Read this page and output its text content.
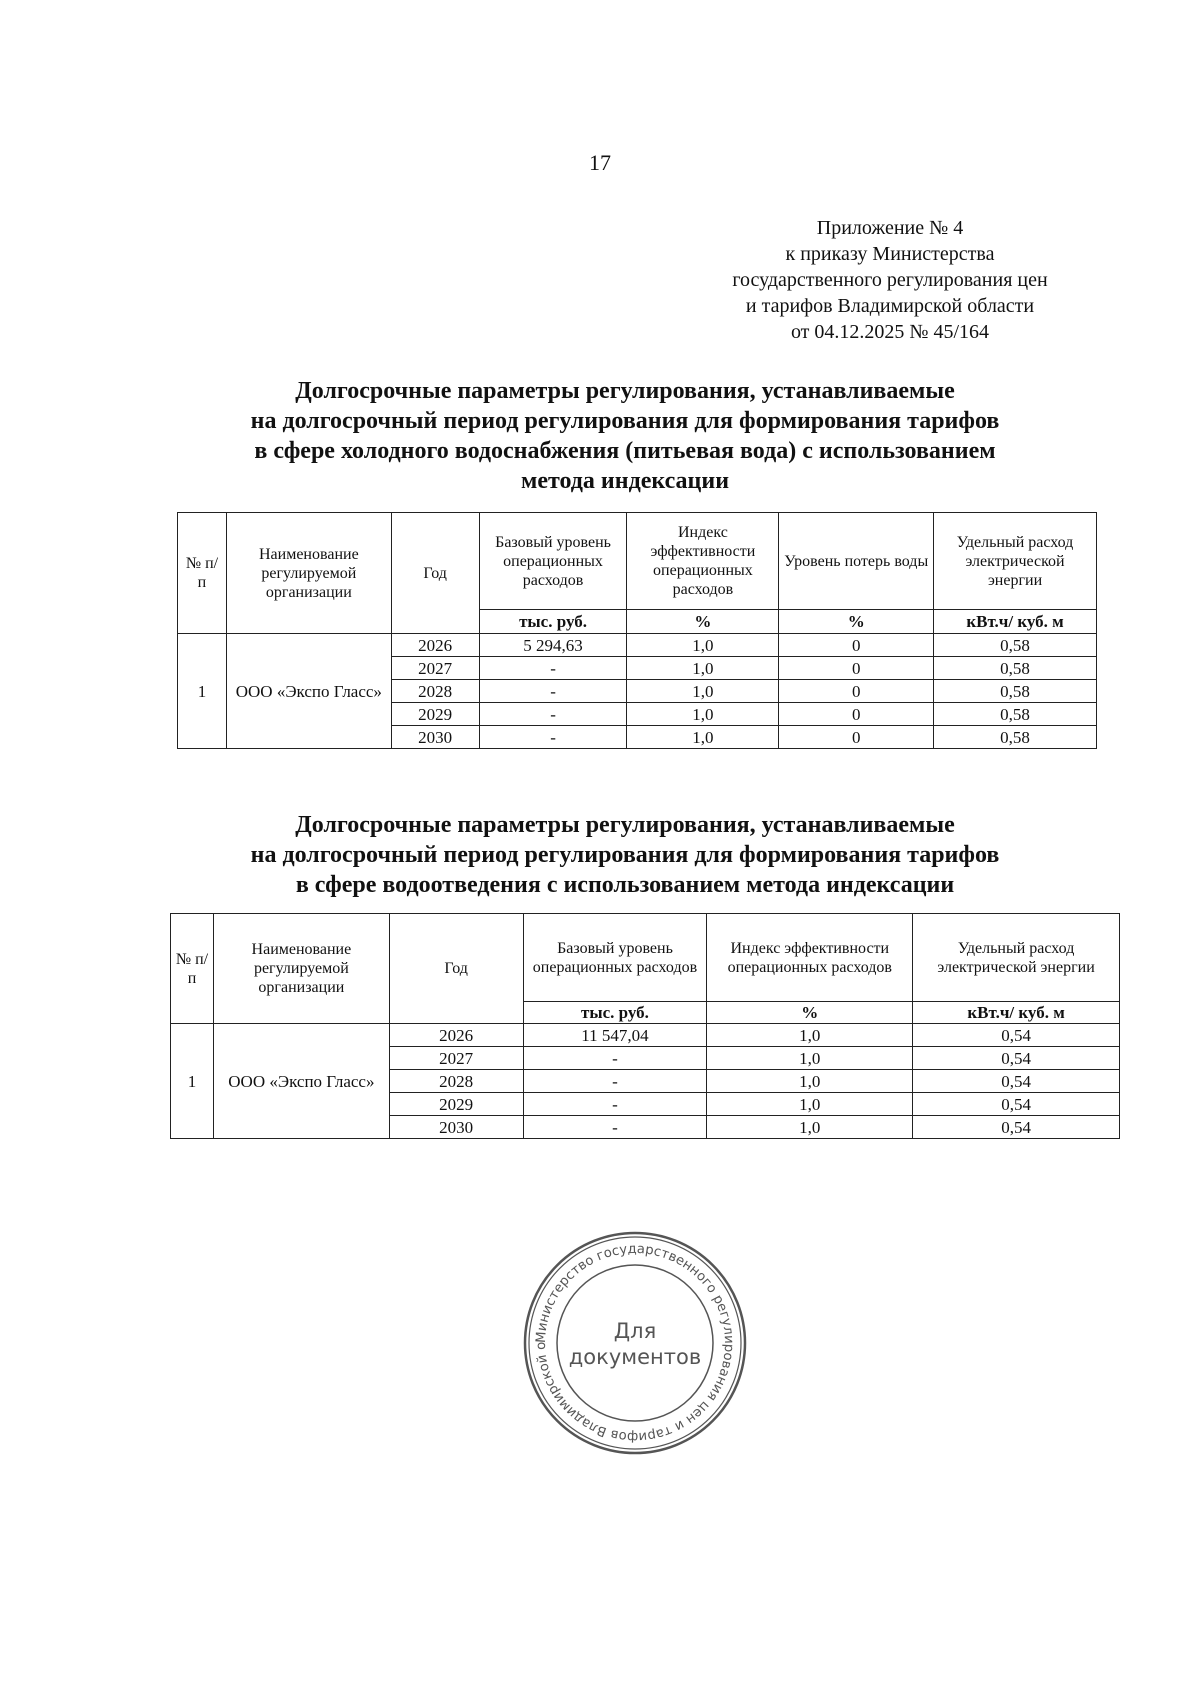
17
Приложение № 4
к приказу Министерства
государственного регулирования цен
и тарифов Владимирской области
от 04.12.2025 № 45/164
Долгосрочные параметры регулирования, устанавливаемые
на долгосрочный период регулирования для формирования тарифов
в сфере холодного водоснабжения (питьевая вода) с использованием
метода индексации
№ п/п	Наименование регулируемой организации	Год	Базовый уровень операционных расходов	Индекс эффективности операционных расходов	Уровень потерь воды	Удельный расход электрической энергии
			тыс. руб.	%	%	кВт.ч/ куб. м
1	ООО «Экспо Гласс»	2026	5 294,63	1,0	0	0,58
		2027	-	1,0	0	0,58
		2028	-	1,0	0	0,58
		2029	-	1,0	0	0,58
		2030	-	1,0	0	0,58
Долгосрочные параметры регулирования, устанавливаемые
на долгосрочный период регулирования для формирования тарифов
в сфере водоотведения с использованием метода индексации
№ п/ п	Наименование регулируемой организации	Год	Базовый уровень операционных расходов	Индекс эффективности операционных расходов	Удельный расход электрической энергии
			тыс. руб.	%	кВт.ч/ куб. м
1	ООО «Экспо Гласс»	2026	11 547,04	1,0	0,54
		2027	-	1,0	0,54
		2028	-	1,0	0,54
		2029	-	1,0	0,54
		2030	-	1,0	0,54
Министерство государственного регулирования цен и тарифов Владимирской о
Для
документов
